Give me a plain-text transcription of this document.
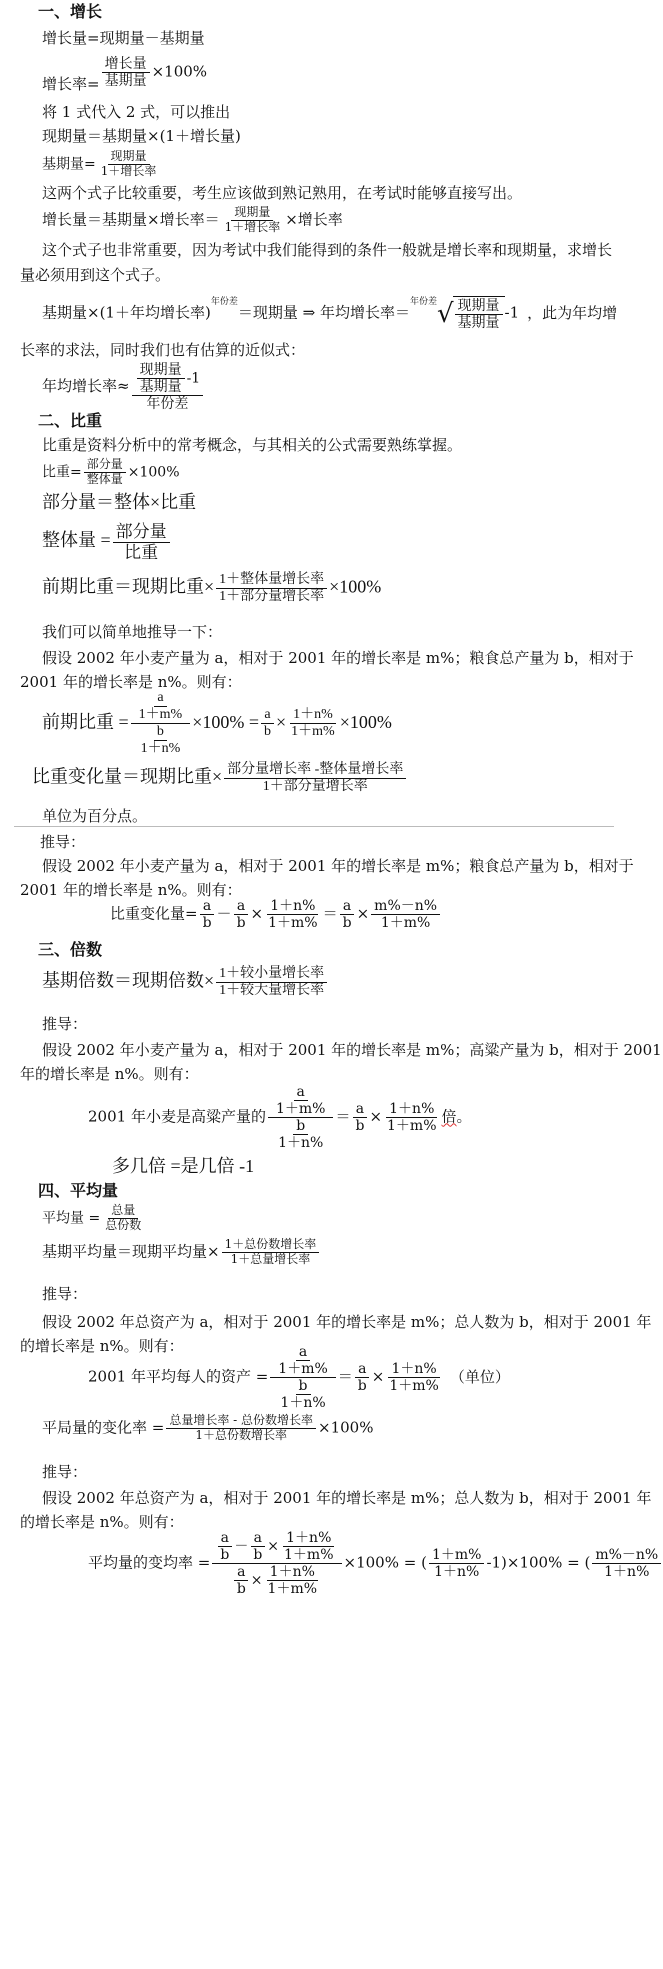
一、增长
增长量=现期量－基期量
增长率= $\frac{\text{增长量}}{\text{基期量}} \times 100\%$
将 1 式代入 2 式，可以推出
现期量＝基期量×(1＋增长量)
基期量= $\frac{\text{现期量}}{\text{1＋增长率}}$
这两个式子比较重要，考生应该做到熟记熟用，在考试时能够直接写出。
增长量＝基期量×增长率＝ $\frac{\text{现期量}}{\text{1＋增长率}}$ ×增长率
这个式子也非常重要，因为考试中我们能得到的条件一般就是增长率和现期量，求增长
量必须用到这个式子。
基期量×(1＋年均增长率)$^{年份差}$＝现期量 ⇒ 年均增长率＝$^{年份差}$ √ $\frac{\text{现期量}}{\text{基期量}} -1$ ，此为年均增
长率的求法，同时我们也有估算的近似式：
年均增长率≈ $\frac{\frac{\text{现期量}}{\text{基期量}} -1}{\text{年份差}}$
二、比重
比重是资料分析中的常考概念，与其相关的公式需要熟练掌握。
比重= $\frac{\text{部分量}}{\text{整体量}} \times 100\%$
部分量＝整体×比重
整体量 = $\frac{\text{部分量}}{\text{比重}}$
前期比重＝现期比重× $\frac{\text{1＋整体量增长率}}{\text{1＋部分量增长率}} \times 100\%$
我们可以简单地推导一下：
假设 2002 年小麦产量为 a，相对于 2001 年的增长率是 m%；粮食总产量为 b，相对于
2001 年的增长率是 n%。则有：
前期比重 = $\frac{\frac{a}{1+m\%}}{\frac{b}{1+n\%}} \times 100\% = \frac{a}{b} \times \frac{1+n\%}{1+m\%} \times 100\%$
比重变化量＝现期比重× $\frac{\text{部分量增长率 -整体量增长率}}{\text{1＋部分量增长率}}$
单位为百分点。
推导：
假设 2002 年小麦产量为 a，相对于 2001 年的增长率是 m%；粮食总产量为 b，相对于
2001 年的增长率是 n%。则有：
比重变化量= $\frac{a}{b} - \frac{a}{b} \times \frac{1+n\%}{1+m\%} = \frac{a}{b} \times \frac{m\%-n\%}{1+m\%}$
三、倍数
基期倍数＝现期倍数× $\frac{\text{1＋较小量增长率}}{\text{1＋较大量增长率}}$
推导：
假设 2002 年小麦产量为 a，相对于 2001 年的增长率是 m%；高粱产量为 b，相对于 2001
年的增长率是 n%。则有：
2001 年小麦是高粱产量的 $\frac{\frac{a}{1+m\%}}{\frac{b}{1+n\%}} = \frac{a}{b} \times \frac{1+n\%}{1+m\%}$ 倍。
多几倍 =是几倍 -1
四、平均量
平均量 = $\frac{\text{总量}}{\text{总份数}}$
基期平均量＝现期平均量× $\frac{\text{1＋总份数增长率}}{\text{1＋总量增长率}}$
推导：
假设 2002 年总资产为 a，相对于 2001 年的增长率是 m%；总人数为 b，相对于 2001 年
的增长率是 n%。则有：
2001 年平均每人的资产 = $\frac{\frac{a}{1+m\%}}{\frac{b}{1+n\%}} = \frac{a}{b} \times \frac{1+n\%}{1+m\%}$ （单位）
平局量的变化率 = $\frac{\text{总量增长率 - 总份数增长率}}{\text{1＋总份数增长率}} \times 100\%$
推导：
假设 2002 年总资产为 a，相对于 2001 年的增长率是 m%；总人数为 b，相对于 2001 年
的增长率是 n%。则有：
平均量的变均率 = $\frac{\frac{a}{b} - \frac{a}{b} \times \frac{1+n\%}{1+m\%}}{\frac{a}{b} \times \frac{1+n\%}{1+m\%}} \times 100\%$ = ( $\frac{1+m\%}{1+n\%} -1)\times 100\%$ = ( $\frac{m\%-n\%}{1+n\%}$
